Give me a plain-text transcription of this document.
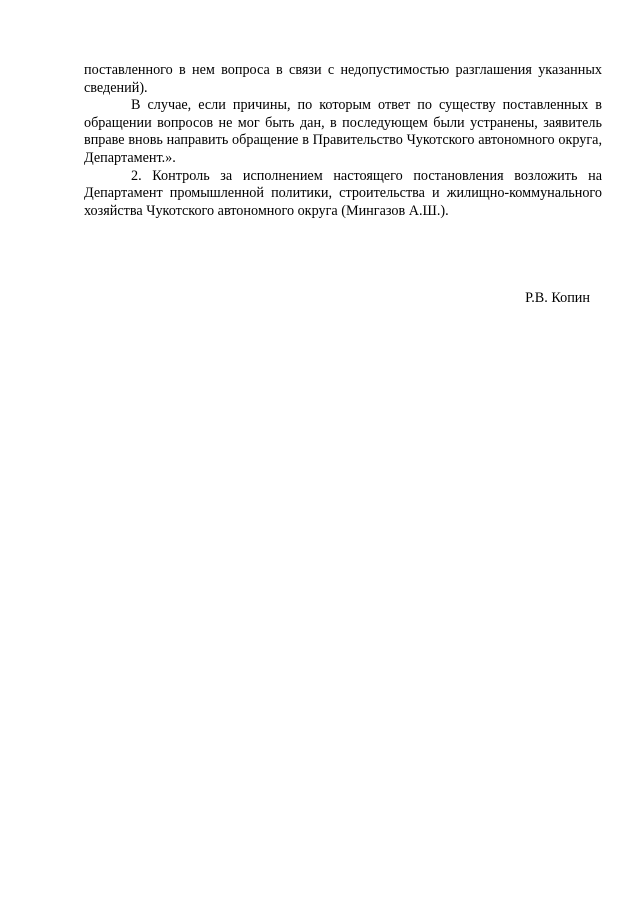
поставленного в нем вопроса в связи с недопустимостью разглашения указанных сведений).

В случае, если причины, по которым ответ по существу поставленных в обращении вопросов не мог быть дан, в последующем были устранены, заявитель вправе вновь направить обращение в Правительство Чукотского автономного округа, Департамент.».

2. Контроль за исполнением настоящего постановления возложить на Департамент промышленной политики, строительства и жилищно-коммунального хозяйства Чукотского автономного округа (Мингазов А.Ш.).

Р.В. Копин
